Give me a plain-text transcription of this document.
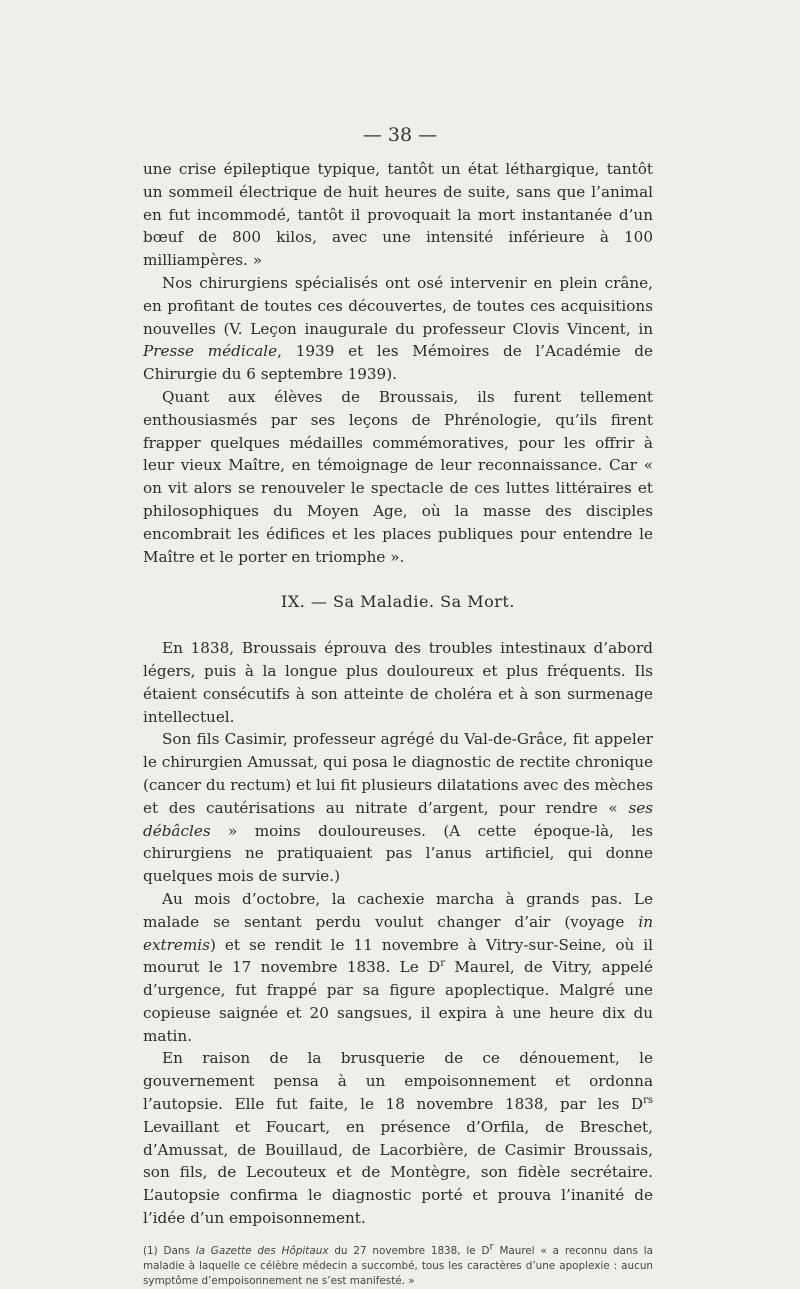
— 38 —

une crise épileptique typique, tantôt un état léthargique, tantôt un sommeil électrique de huit heures de suite, sans que l’animal en fut incommodé, tantôt il provoquait la mort instantanée d’un bœuf de 800 kilos, avec une intensité inférieure à 100 milliampères. »

Nos chirurgiens spécialisés ont osé intervenir en plein crâne, en profitant de toutes ces découvertes, de toutes ces acquisitions nouvelles (V. Leçon inaugurale du professeur Clovis Vincent, in Presse médicale, 1939 et les Mémoires de l’Académie de Chirurgie du 6 septembre 1939).

Quant aux élèves de Broussais, ils furent tellement enthousiasmés par ses leçons de Phrénologie, qu’ils firent frapper quelques médailles commémoratives, pour les offrir à leur vieux Maître, en témoignage de leur reconnaissance. Car « on vit alors se renouveler le spectacle de ces luttes littéraires et philosophiques du Moyen Age, où la masse des disciples encombrait les édifices et les places publiques pour entendre le Maître et le porter en triomphe ».

IX. — Sa Maladie. Sa Mort.

En 1838, Broussais éprouva des troubles intestinaux d’abord légers, puis à la longue plus douloureux et plus fréquents. Ils étaient consécutifs à son atteinte de choléra et à son surmenage intellectuel.

Son fils Casimir, professeur agrégé du Val-de-Grâce, fit appeler le chirurgien Amussat, qui posa le diagnostic de rectite chronique (cancer du rectum) et lui fit plusieurs dilatations avec des mèches et des cautérisations au nitrate d’argent, pour rendre « ses débâcles » moins douloureuses. (A cette époque-là, les chirurgiens ne pratiquaient pas l’anus artificiel, qui donne quelques mois de survie.)

Au mois d’octobre, la cachexie marcha à grands pas. Le malade se sentant perdu voulut changer d’air (voyage in extremis) et se rendit le 11 novembre à Vitry-sur-Seine, où il mourut le 17 novembre 1838. Le $D^r$ Maurel, de Vitry, appelé d’urgence, fut frappé par sa figure apoplectique. Malgré une copieuse saignée et 20 sangsues, il expira à une heure dix du matin.

En raison de la brusquerie de ce dénouement, le gouvernement pensa à un empoisonnement et ordonna l’autopsie. Elle fut faite, le 18 novembre 1838, par les $D^{rs}$ Levaillant et Foucart, en présence d’Orfila, de Breschet, d’Amussat, de Bouillaud, de Lacorbière, de Casimir Broussais, son fils, de Lecouteux et de Montègre, son fidèle secrétaire. L’autopsie confirma le diagnostic porté et prouva l’inanité de l’idée d’un empoisonnement.

(1) Dans la Gazette des Hôpitaux du 27 novembre 1838, le $D^r$ Maurel « a reconnu dans la maladie à laquelle ce célèbre médecin a succombé, tous les caractères d’une apoplexie : aucun symptôme d’empoisonnement ne s’est manifesté. »
